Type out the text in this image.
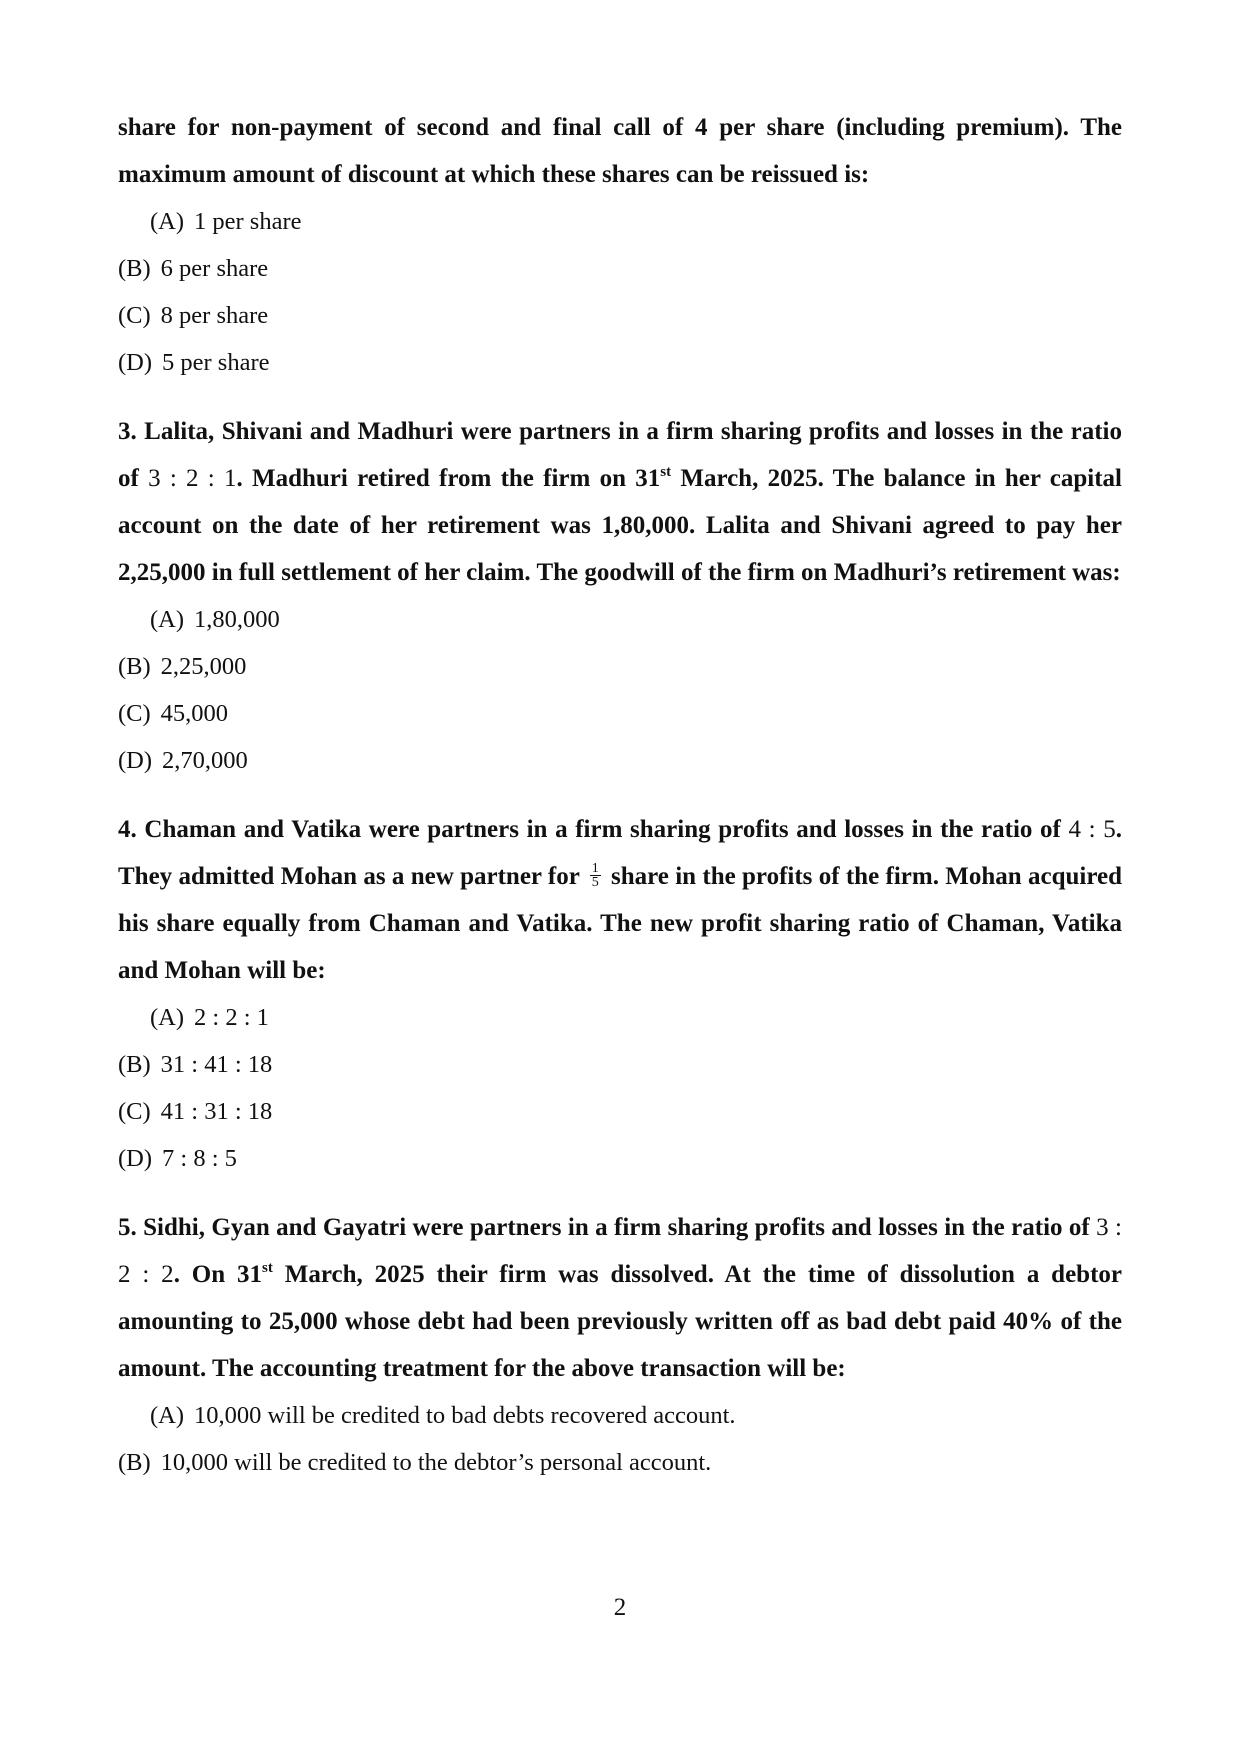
share for non-payment of second and final call of 4 per share (including premium). The maximum amount of discount at which these shares can be reissued is:

(A) 1 per share
(B) 6 per share
(C) 8 per share
(D) 5 per share

3. Lalita, Shivani and Madhuri were partners in a firm sharing profits and losses in the ratio of 3 : 2 : 1. Madhuri retired from the firm on 31st March, 2025. The balance in her capital account on the date of her retirement was 1,80,000. Lalita and Shivani agreed to pay her 2,25,000 in full settlement of her claim. The goodwill of the firm on Madhuri’s retirement was:

(A) 1,80,000
(B) 2,25,000
(C) 45,000
(D) 2,70,000

4. Chaman and Vatika were partners in a firm sharing profits and losses in the ratio of 4 : 5. They admitted Mohan as a new partner for $\frac{1}{5}$ share in the profits of the firm. Mohan acquired his share equally from Chaman and Vatika. The new profit sharing ratio of Chaman, Vatika and Mohan will be:

(A) 2 : 2 : 1
(B) 31 : 41 : 18
(C) 41 : 31 : 18
(D) 7 : 8 : 5

5. Sidhi, Gyan and Gayatri were partners in a firm sharing profits and losses in the ratio of 3 : 2 : 2. On 31st March, 2025 their firm was dissolved. At the time of dissolution a debtor amounting to 25,000 whose debt had been previously written off as bad debt paid 40% of the amount. The accounting treatment for the above transaction will be:

(A) 10,000 will be credited to bad debts recovered account.
(B) 10,000 will be credited to the debtor’s personal account.
2
